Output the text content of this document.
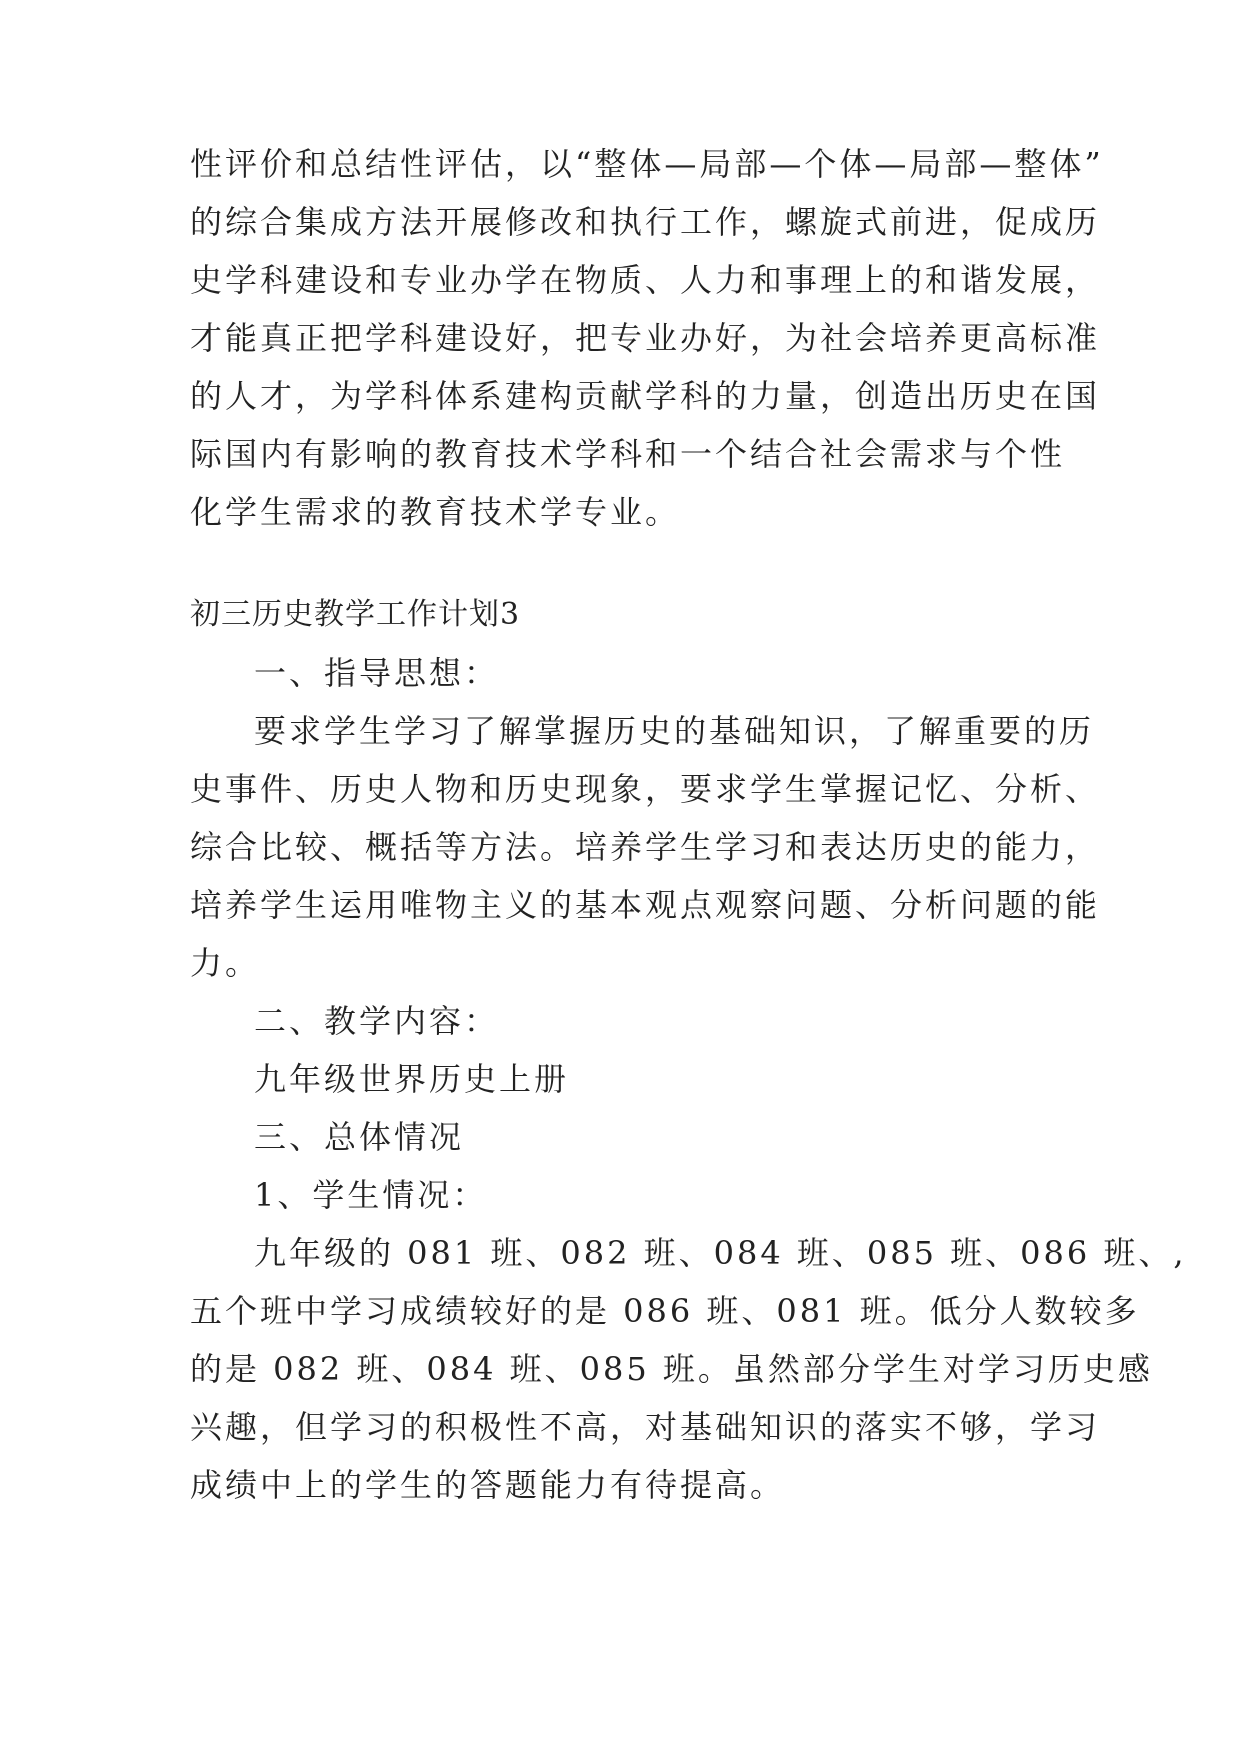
性评价和总结性评估，以“整体—局部—个体—局部—整体”
的综合集成方法开展修改和执行工作，螺旋式前进，促成历
史学科建设和专业办学在物质、人力和事理上的和谐发展，
才能真正把学科建设好，把专业办好，为社会培养更高标准
的人才，为学科体系建构贡献学科的力量，创造出历史在国
际国内有影响的教育技术学科和一个结合社会需求与个性
化学生需求的教育技术学专业。
初三历史教学工作计划3
一、指导思想：
要求学生学习了解掌握历史的基础知识，了解重要的历
史事件、历史人物和历史现象，要求学生掌握记忆、分析、
综合比较、概括等方法。培养学生学习和表达历史的能力，
培养学生运用唯物主义的基本观点观察问题、分析问题的能
力。
二、教学内容：
九年级世界历史上册
三、总体情况
1、学生情况：
九年级的 081 班、082 班、084 班、085 班、086 班、,
五个班中学习成绩较好的是 086 班、081 班。低分人数较多
的是 082 班、084 班、085 班。虽然部分学生对学习历史感
兴趣，但学习的积极性不高，对基础知识的落实不够，学习
成绩中上的学生的答题能力有待提高。
